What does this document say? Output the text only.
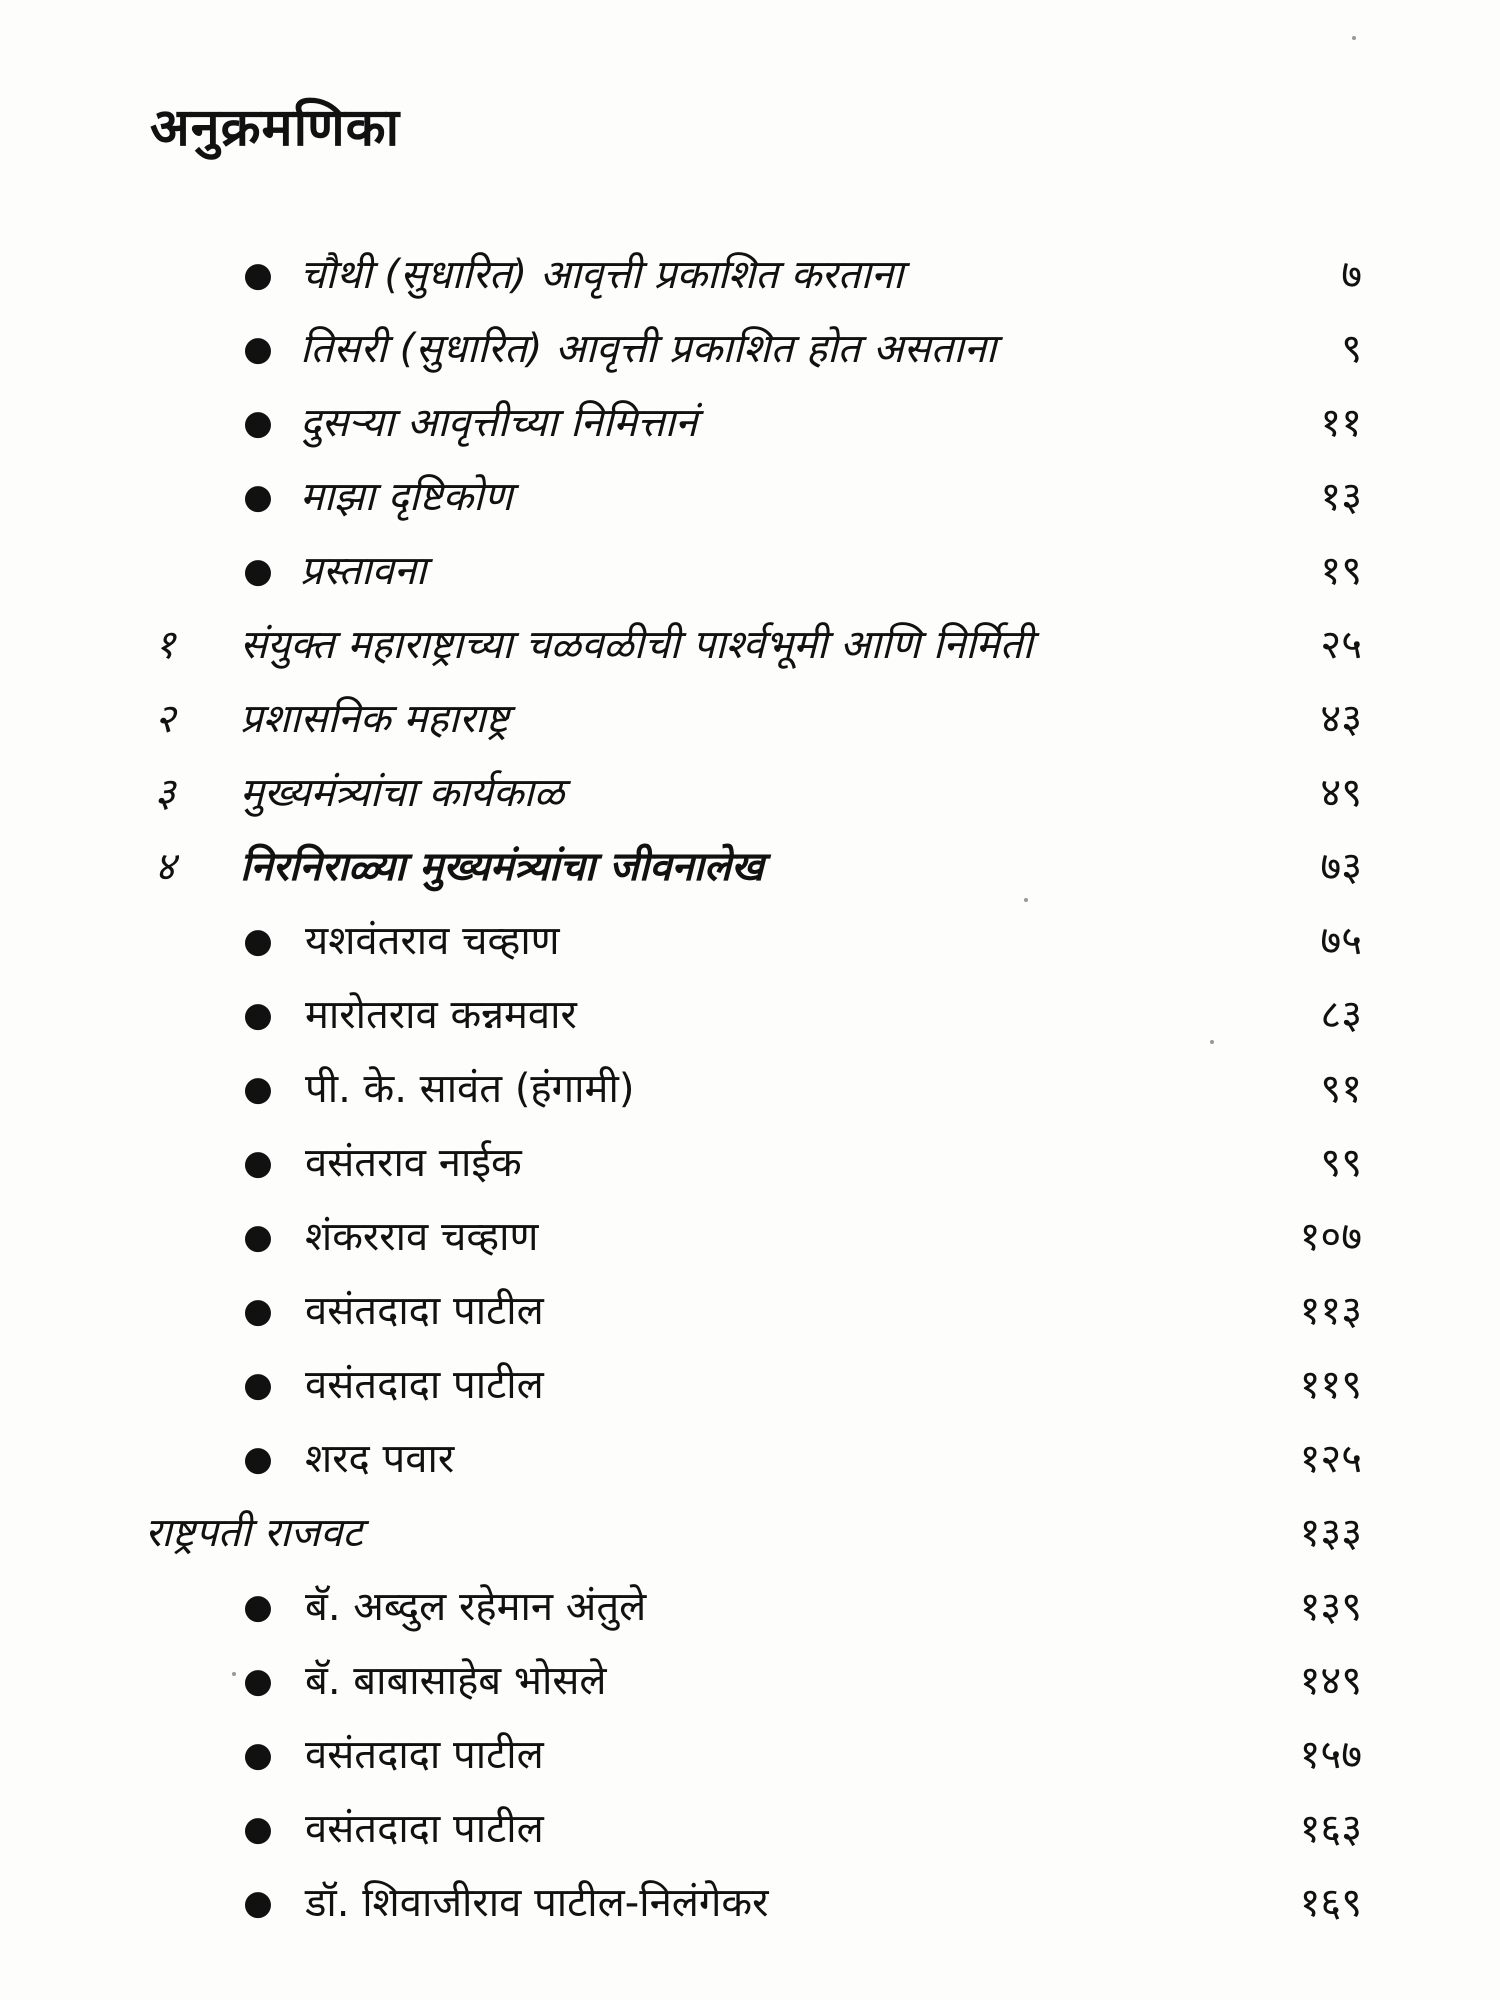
अनुक्रमणिका
● चौथी (सुधारित) आवृत्ती प्रकाशित करताना	७
● तिसरी (सुधारित) आवृत्ती प्रकाशित होत असताना	९
● दुसऱ्या आवृत्तीच्या निमित्तानं	११
● माझा दृष्टिकोण	१३
● प्रस्तावना	१९
१ संयुक्त महाराष्ट्राच्या चळवळीची पार्श्वभूमी आणि निर्मिती	२५
२ प्रशासनिक महाराष्ट्र	४३
३ मुख्यमंत्र्यांचा कार्यकाळ	४९
४ निरनिराळ्या मुख्यमंत्र्यांचा जीवनालेख	७३
● यशवंतराव चव्हाण	७५
● मारोतराव कन्नमवार	८३
● पी. के. सावंत (हंगामी)	९१
● वसंतराव नाईक	९९
● शंकरराव चव्हाण	१०७
● वसंतदादा पाटील	११३
● वसंतदादा पाटील	११९
● शरद पवार	१२५
राष्ट्रपती राजवट	१३३
● बॅ. अब्दुल रहेमान अंतुले	१३९
● बॅ. बाबासाहेब भोसले	१४९
● वसंतदादा पाटील	१५७
● वसंतदादा पाटील	१६३
● डॉ. शिवाजीराव पाटील-निलंगेकर	१६९
